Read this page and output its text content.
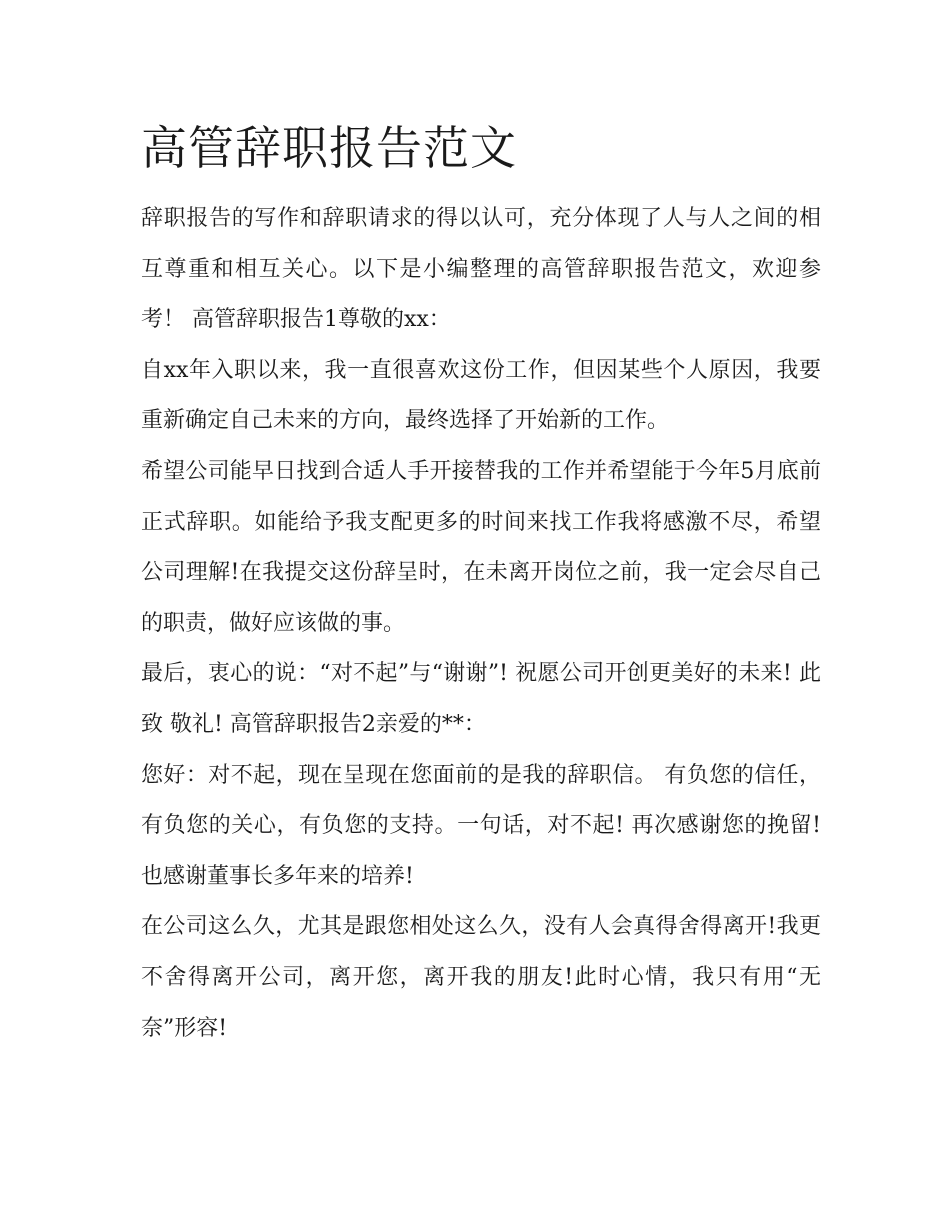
高管辞职报告范文

辞职报告的写作和辞职请求的得以认可，充分体现了人与人之间的相互尊重和相互关心。以下是小编整理的高管辞职报告范文，欢迎参考！ 高管辞职报告1尊敬的xx：

自xx年入职以来，我一直很喜欢这份工作，但因某些个人原因，我要重新确定自己未来的方向，最终选择了开始新的工作。

希望公司能早日找到合适人手开接替我的工作并希望能于今年5月底前正式辞职。如能给予我支配更多的时间来找工作我将感激不尽，希望公司理解!在我提交这份辞呈时，在未离开岗位之前，我一定会尽自己的职责，做好应该做的事。

最后，衷心的说：“对不起”与“谢谢”! 祝愿公司开创更美好的未来! 此致 敬礼! 高管辞职报告2亲爱的**：

您好：对不起，现在呈现在您面前的是我的辞职信。 有负您的信任，有负您的关心，有负您的支持。一句话，对不起! 再次感谢您的挽留!也感谢董事长多年来的培养!

在公司这么久，尤其是跟您相处这么久，没有人会真得舍得离开!我更不舍得离开公司，离开您，离开我的朋友!此时心情，我只有用“无奈”形容!
